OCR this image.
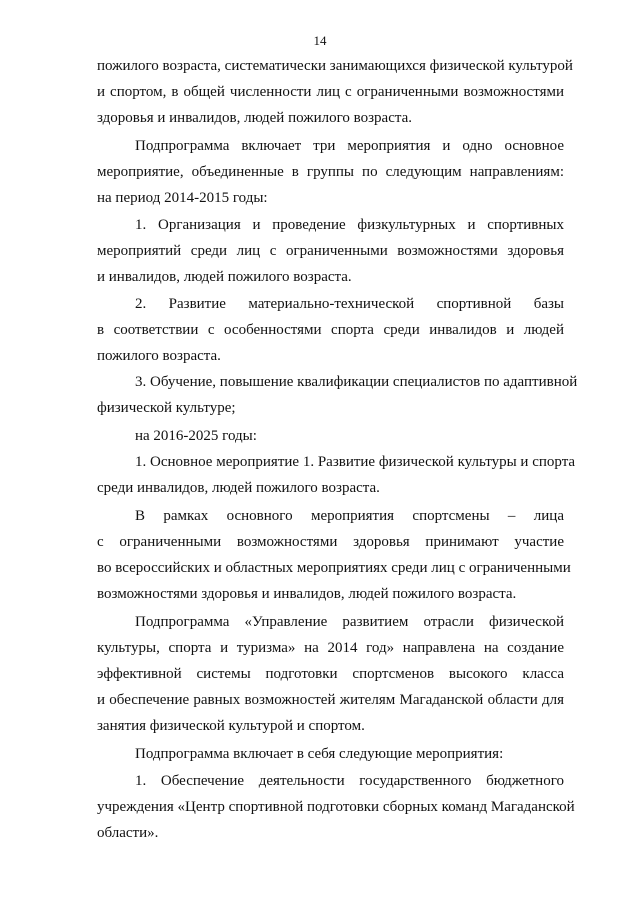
14
пожилого возраста, систематически занимающихся физической культурой
и спортом, в общей численности лиц с ограниченными возможностями
здоровья и инвалидов, людей пожилого возраста.
Подпрограмма включает три мероприятия и одно основное
мероприятие, объединенные в группы по следующим направлениям:
на период 2014-2015 годы:
1. Организация и проведение физкультурных и спортивных
мероприятий среди лиц с ограниченными возможностями здоровья
и инвалидов, людей пожилого возраста.
2. Развитие материально-технической спортивной базы
в соответствии с особенностями спорта среди инвалидов и людей
пожилого возраста.
3. Обучение, повышение квалификации специалистов по адаптивной
физической культуре;
на 2016-2025 годы:
1. Основное мероприятие 1. Развитие физической культуры и спорта
среди инвалидов, людей пожилого возраста.
В рамках основного мероприятия спортсмены – лица
с ограниченными возможностями здоровья принимают участие
во всероссийских и областных мероприятиях среди лиц с ограниченными
возможностями здоровья и инвалидов, людей пожилого возраста.
Подпрограмма «Управление развитием отрасли физической
культуры, спорта и туризма» на 2014 год» направлена на создание
эффективной системы подготовки спортсменов высокого класса
и обеспечение равных возможностей жителям Магаданской области для
занятия физической культурой и спортом.
Подпрограмма включает в себя следующие мероприятия:
1. Обеспечение деятельности государственного бюджетного
учреждения «Центр спортивной подготовки сборных команд Магаданской
области».
